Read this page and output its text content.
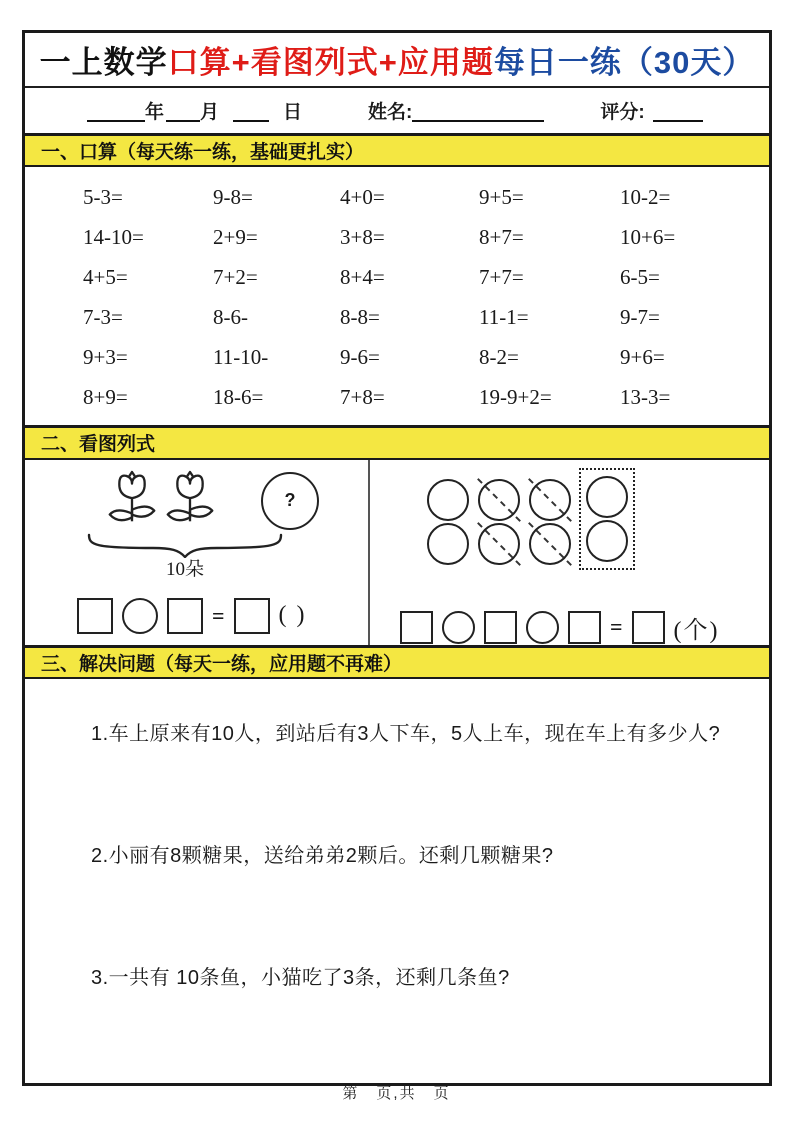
一上数学 口算+看图列式+应用题 每日一练（30天）
年 月	日	姓名:	评分:
一、口算（每天练一练，基础更扎实）
5-3=	9-8=	4+0=	9+5=	10-2=
14-10=	2+9=	3+8=	8+7=	10+6=
4+5=	7+2=	8+4=	7+7=	6-5=
7-3=	8-6-	8-8=	11-1=	9-7=
9+3=	11-10-	9-6=	8-2=	9+6=
8+9=	18-6=	7+8=	19-9+2=	13-3=
二、看图列式
?
10朵
= ( )	= (个)
三、解决问题（每天一练，应用题不再难）
1.车上原来有10人，到站后有3人下车，5人上车，现在车上有多少人?
2.小丽有8颗糖果，送给弟弟2颗后。还剩几颗糖果?
3.一共有 10条鱼，小猫吃了3条，还剩几条鱼?
第　页,共　页
